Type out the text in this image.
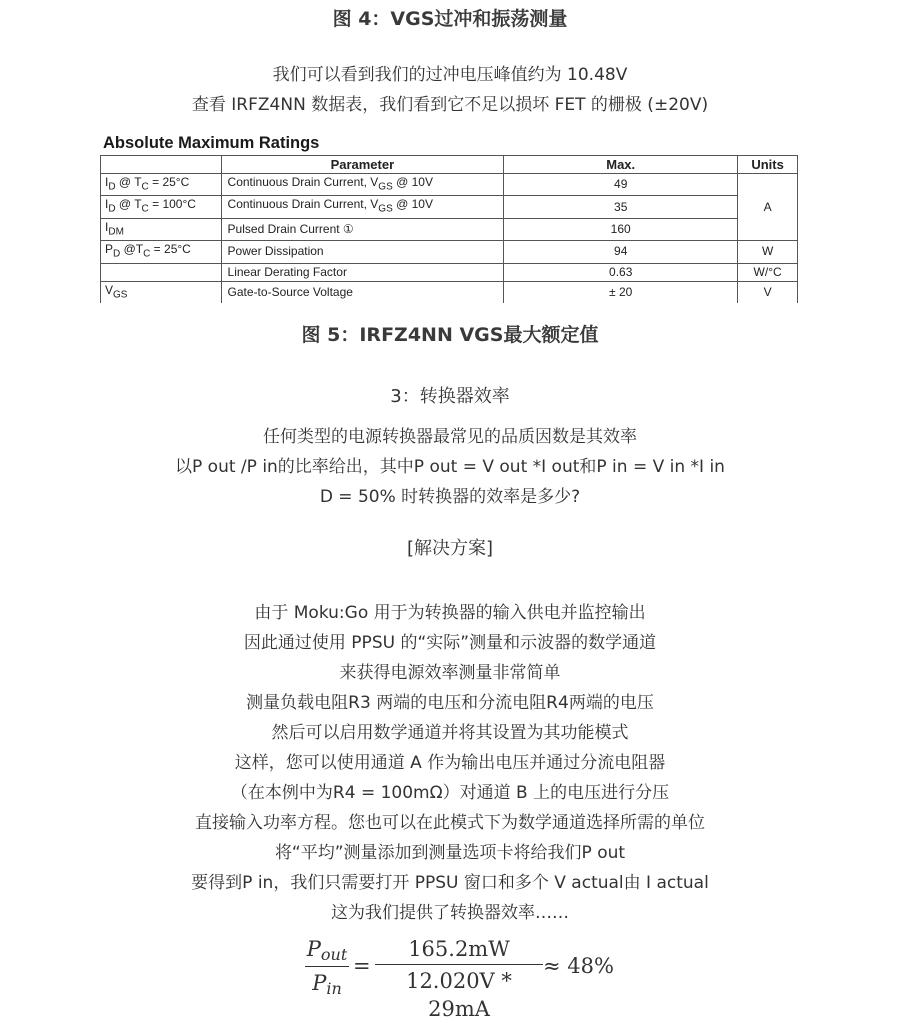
图 4：VGS过冲和振荡测量

我们可以看到我们的过冲电压峰值约为 10.48V

查看 IRFZ4NN 数据表，我们看到它不足以损坏 FET 的栅极 (±20V)

Absolute Maximum Ratings
	Parameter	Max.	Units
$I_D$ @ $T_C = 25^\circ C$	Continuous Drain Current, $V_{GS}$ @ 10V	49	A
$I_D$ @ $T_C = 100^\circ C$	Continuous Drain Current, $V_{GS}$ @ 10V	35	
$I_{DM}$	Pulsed Drain Current ①	160	
$P_D$ $@T_C = 25^\circ C$	Power Dissipation	94	W
	Linear Derating Factor	0.63	W/°C
$V_{GS}$	Gate-to-Source Voltage	± 20	V
图 5：IRFZ4NN VGS最大额定值
3：转换器效率

任何类型的电源转换器最常见的品质因数是其效率

以P out /P in的比率给出，其中P out = V out *I out和P in = V in *I in

D = 50% 时转换器的效率是多少?

[解决方案]

由于 Moku:Go 用于为转换器的输入供电并监控输出

因此通过使用 PPSU 的“实际”测量和示波器的数学通道

来获得电源效率测量非常简单

测量负载电阻R3 两端的电压和分流电阻R4两端的电压

然后可以启用数学通道并将其设置为其功能模式

这样，您可以使用通道 A 作为输出电压并通过分流电阻器

（在本例中为R4 = 100mΩ）对通道 B 上的电压进行分压

直接输入功率方程。您也可以在此模式下为数学通道选择所需的单位

将“平均”测量添加到测量选项卡将给我们P out

要得到P in，我们只需要打开 PPSU 窗口和多个 V actual由 I actual

这为我们提供了转换器效率……

$P_{out}$
$P_{in}$
=
165.2mW
12.020V * 29mA
≈ 48%
